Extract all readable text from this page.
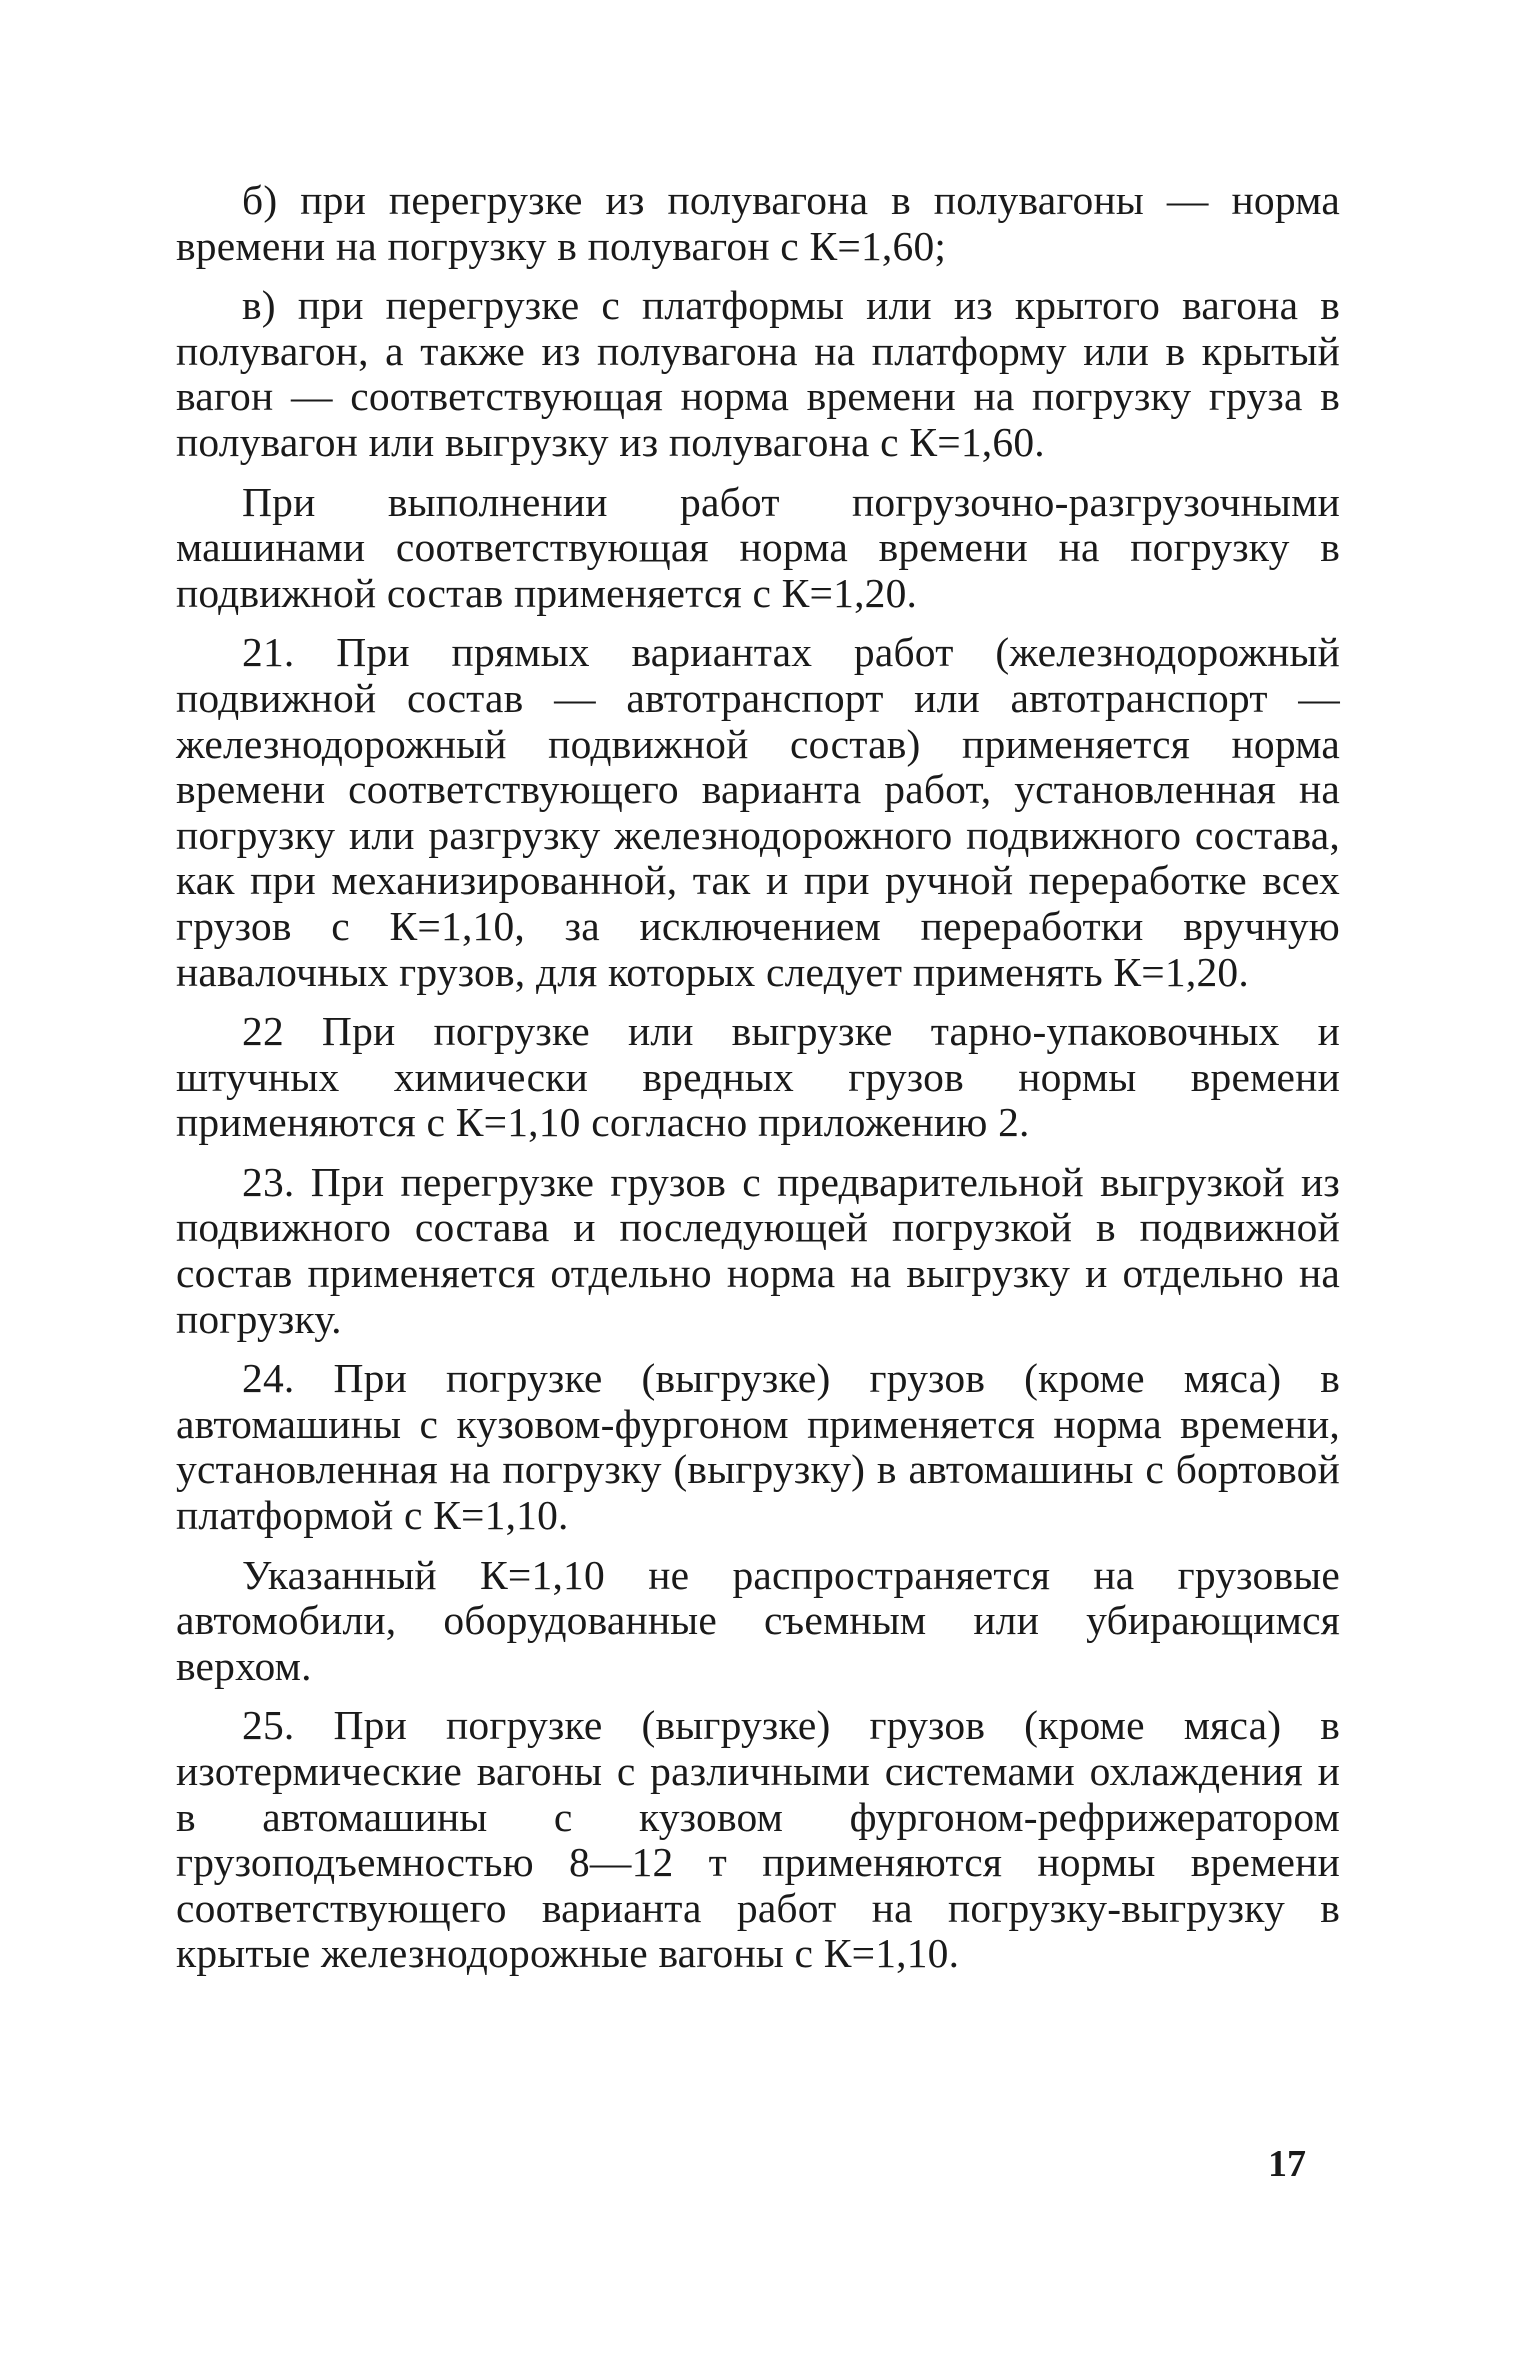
б) при перегрузке из полувагона в полувагоны — норма времени на погрузку в полувагон с К=1,60;

в) при перегрузке с платформы или из крытого вагона в полувагон, а также из полувагона на платформу или в крытый вагон — соответствующая норма времени на погрузку груза в полувагон или выгрузку из полувагона с К=1,60.

При выполнении работ погрузочно-разгрузочными машинами соответствующая норма времени на погрузку в подвижной состав применяется с К=1,20.

21. При прямых вариантах работ (железнодорожный подвижной состав — автотранспорт или автотранспорт — железнодорожный подвижной состав) применяется норма времени соответствующего варианта работ, установленная на погрузку или разгрузку железнодорожного подвижного состава, как при механизированной, так и при ручной переработке всех грузов с К=1,10, за исключением переработки вручную навалочных грузов, для которых следует применять К=1,20.

22 При погрузке или выгрузке тарно-упаковочных и штучных химически вредных грузов нормы времени применяются с К=1,10 согласно приложению 2.

23. При перегрузке грузов с предварительной выгрузкой из подвижного состава и последующей погрузкой в подвижной состав применяется отдельно норма на выгрузку и отдельно на погрузку.

24. При погрузке (выгрузке) грузов (кроме мяса) в автомашины с кузовом-фургоном применяется норма времени, установленная на погрузку (выгрузку) в автомашины с бортовой платформой с К=1,10.

Указанный К=1,10 не распространяется на грузовые автомобили, оборудованные съемным или убирающимся верхом.

25. При погрузке (выгрузке) грузов (кроме мяса) в изотермические вагоны с различными системами охлаждения и в автомашины с кузовом фургоном-рефрижератором грузоподъемностью 8—12 т применяются нормы времени соответствующего варианта работ на погрузку-выгрузку в крытые железнодорожные вагоны с К=1,10.

17
